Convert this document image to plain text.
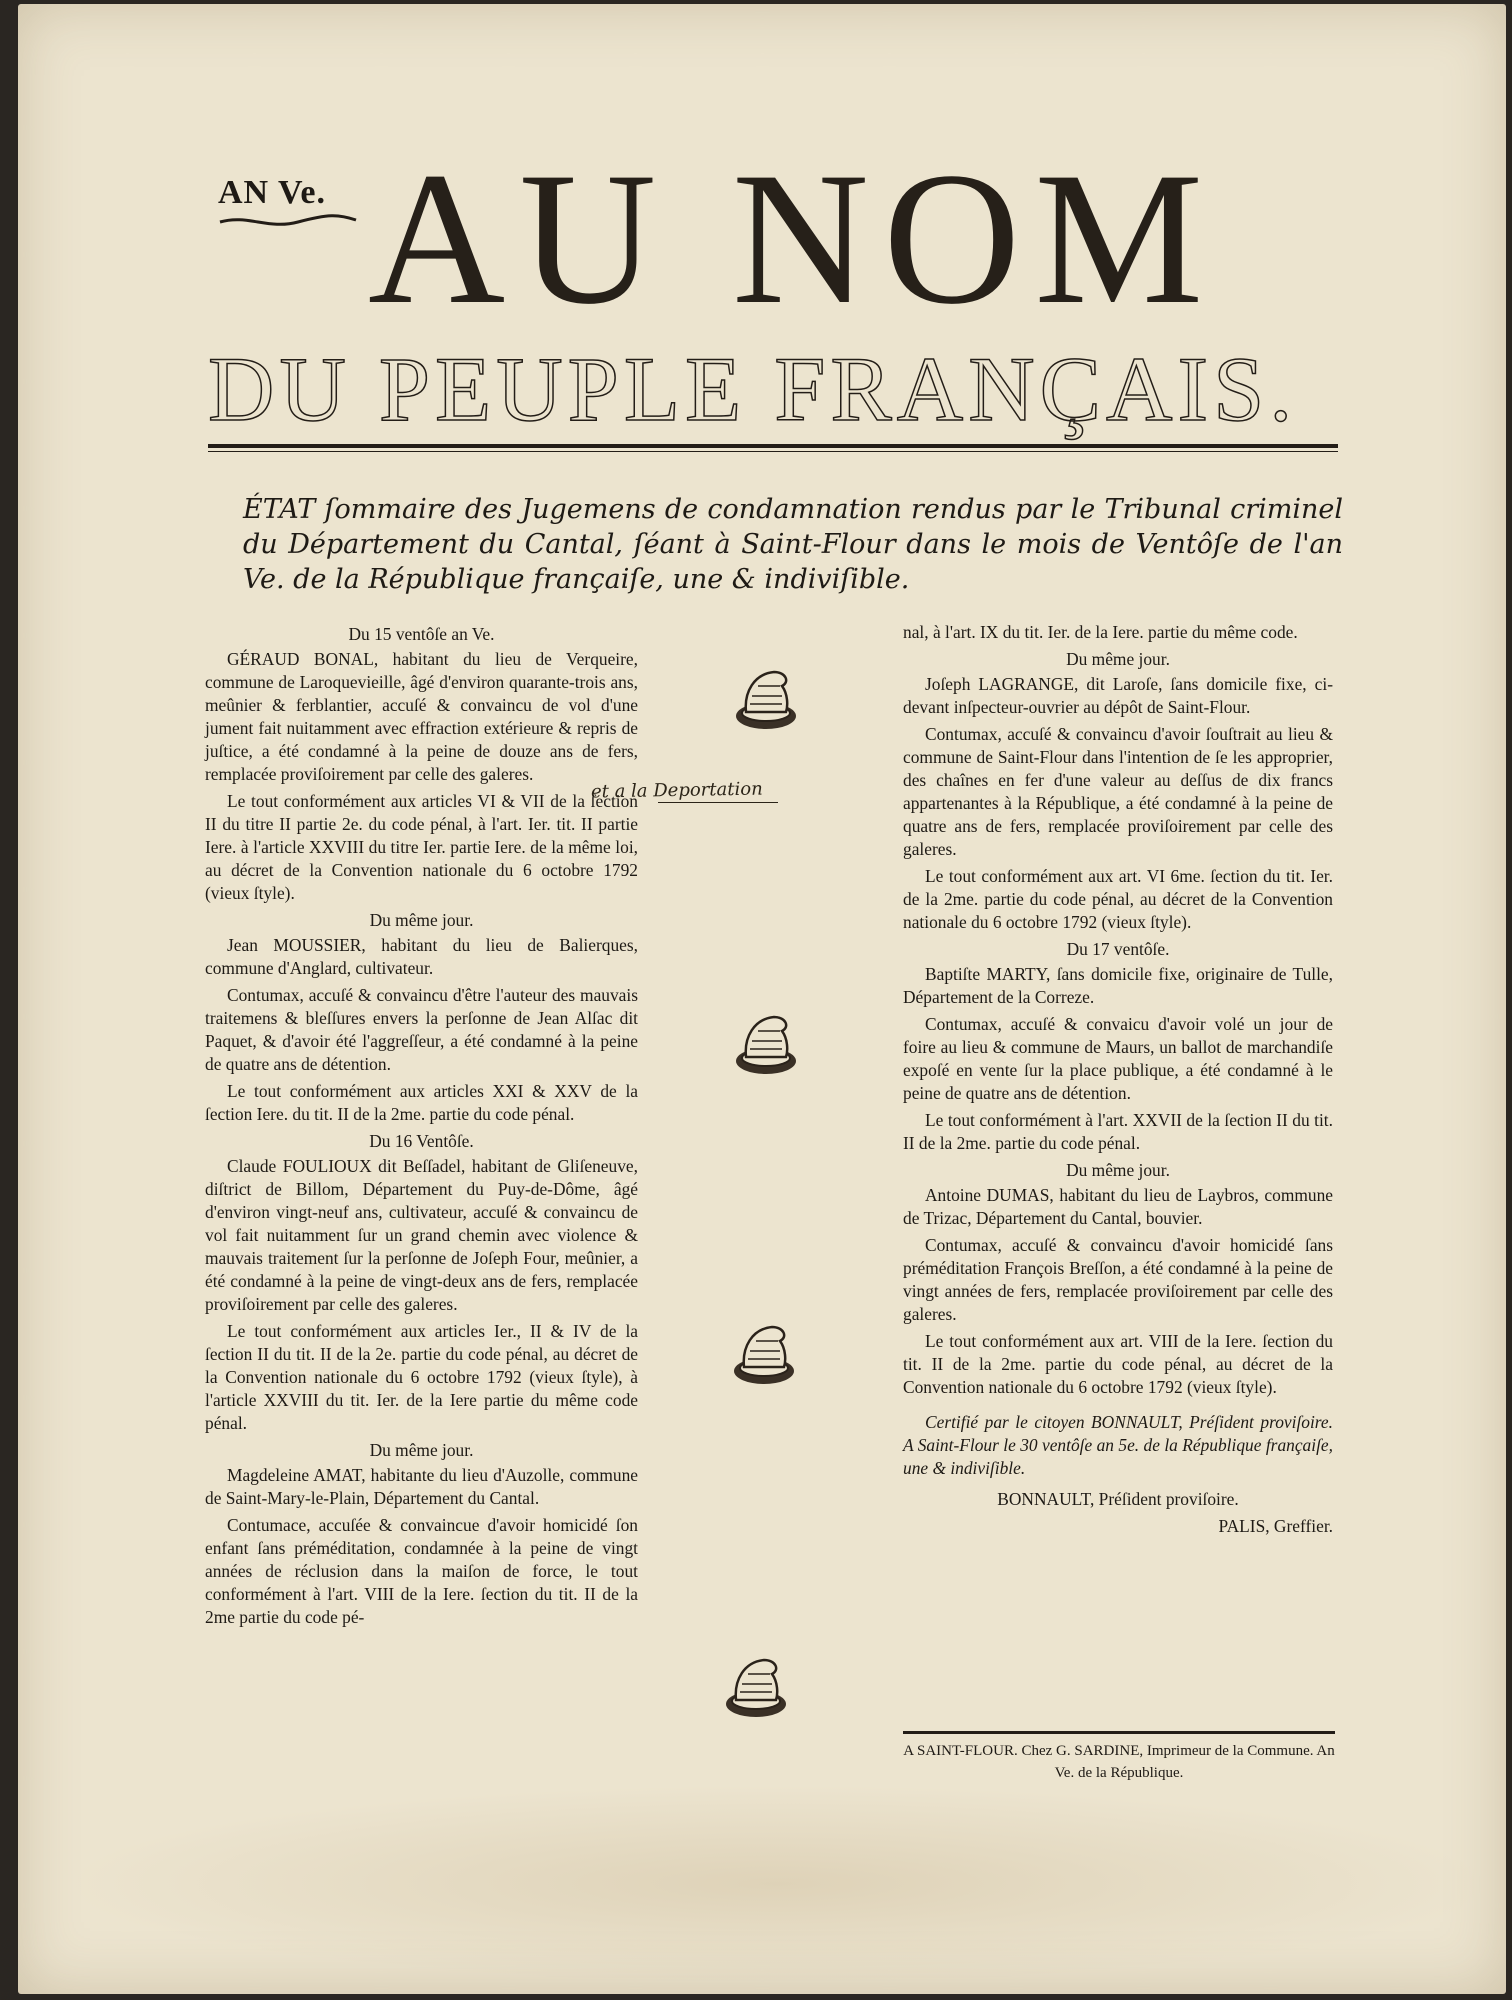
AN Ve. AU NOM
DU PEUPLE FRANÇAIS.
ÉTAT ſommaire des Jugemens de condamnation rendus par le Tribunal criminel du Département du Cantal, ſéant à Saint-Flour dans le mois de Ventôſe de l'an Ve. de la République françaiſe, une & indiviſible.

Du 15 ventôſe an Ve.

GÉRAUD BONAL, habitant du lieu de Verqueire, commune de Laroquevieille, âgé d'environ quarante-trois ans, meûnier & ferblantier, accuſé & convaincu de vol d'une jument fait nuitamment avec effraction extérieure & repris de juſtice, a été condamné à la peine de douze ans de fers, remplacée proviſoirement par celle des galeres.

Le tout conformément aux articles VI & VII de la ſection II du titre II partie 2e. du code pénal, à l'art. Ier. tit. II partie Iere. à l'article XXVIII du titre Ier. partie Iere. de la même loi, au décret de la Convention nationale du 6 octobre 1792 (vieux ſtyle).

Du même jour.

Jean MOUSSIER, habitant du lieu de Balierques, commune d'Anglard, cultivateur.

Contumax, accuſé & convaincu d'être l'auteur des mauvais traitemens & bleſſures envers la perſonne de Jean Alſac dit Paquet, & d'avoir été l'aggreſſeur, a été condamné à la peine de quatre ans de détention.

Le tout conformément aux articles XXI & XXV de la ſection Iere. du tit. II de la 2me. partie du code pénal.

Du 16 Ventôſe.

Claude FOULIOUX dit Beſſadel, habitant de Gliſeneuve, diſtrict de Billom, Département du Puy-de-Dôme, âgé d'environ vingt-neuf ans, cultivateur, accuſé & convaincu de vol fait nuitamment ſur un grand chemin avec violence & mauvais traitement ſur la perſonne de Joſeph Four, meûnier, a été condamné à la peine de vingt-deux ans de fers, remplacée proviſoirement par celle des galeres.

Le tout conformément aux articles Ier., II & IV de la ſection II du tit. II de la 2e. partie du code pénal, au décret de la Convention nationale du 6 octobre 1792 (vieux ſtyle), à l'article XXVIII du tit. Ier. de la Iere partie du même code pénal.

Du même jour.

Magdeleine AMAT, habitante du lieu d'Auzolle, commune de Saint-Mary-le-Plain, Département du Cantal.

Contumace, accuſée & convaincue d'avoir homicidé ſon enfant ſans préméditation, condamnée à la peine de vingt années de réclusion dans la maiſon de force, le tout conformément à l'art. VIII de la Iere. ſection du tit. II de la 2me partie du code pé-

et a la Deportation

nal, à l'art. IX du tit. Ier. de la Iere. partie du même code.

Du même jour.

Joſeph LAGRANGE, dit Laroſe, ſans domicile fixe, ci-devant inſpecteur-ouvrier au dépôt de Saint-Flour.

Contumax, accuſé & convaincu d'avoir ſouſtrait au lieu & commune de Saint-Flour dans l'intention de ſe les approprier, des chaînes en fer d'une valeur au deſſus de dix francs appartenantes à la République, a été condamné à la peine de quatre ans de fers, remplacée proviſoirement par celle des galeres.

Le tout conformément aux art. VI 6me. ſection du tit. Ier. de la 2me. partie du code pénal, au décret de la Convention nationale du 6 octobre 1792 (vieux ſtyle).

Du 17 ventôſe.

Baptiſte MARTY, ſans domicile fixe, originaire de Tulle, Département de la Correze.

Contumax, accuſé & convaicu d'avoir volé un jour de foire au lieu & commune de Maurs, un ballot de marchandiſe expoſé en vente ſur la place publique, a été condamné à le peine de quatre ans de détention.

Le tout conformément à l'art. XXVII de la ſection II du tit. II de la 2me. partie du code pénal.

Du même jour.

Antoine DUMAS, habitant du lieu de Laybros, commune de Trizac, Département du Cantal, bouvier.

Contumax, accuſé & convaincu d'avoir homicidé ſans préméditation François Breſſon, a été condamné à la peine de vingt années de fers, remplacée proviſoirement par celle des galeres.

Le tout conformément aux art. VIII de la Iere. ſection du tit. II de la 2me. partie du code pénal, au décret de la Convention nationale du 6 octobre 1792 (vieux ſtyle).

Certifié par le citoyen BONNAULT, Préſident proviſoire. A Saint-Flour le 30 ventôſe an 5e. de la République françaiſe, une & indiviſible.

BONNAULT, Préſident proviſoire.

PALIS, Greffier.

A SAINT-FLOUR. Chez G. SARDINE, Imprimeur de la Commune. An Ve. de la République.
